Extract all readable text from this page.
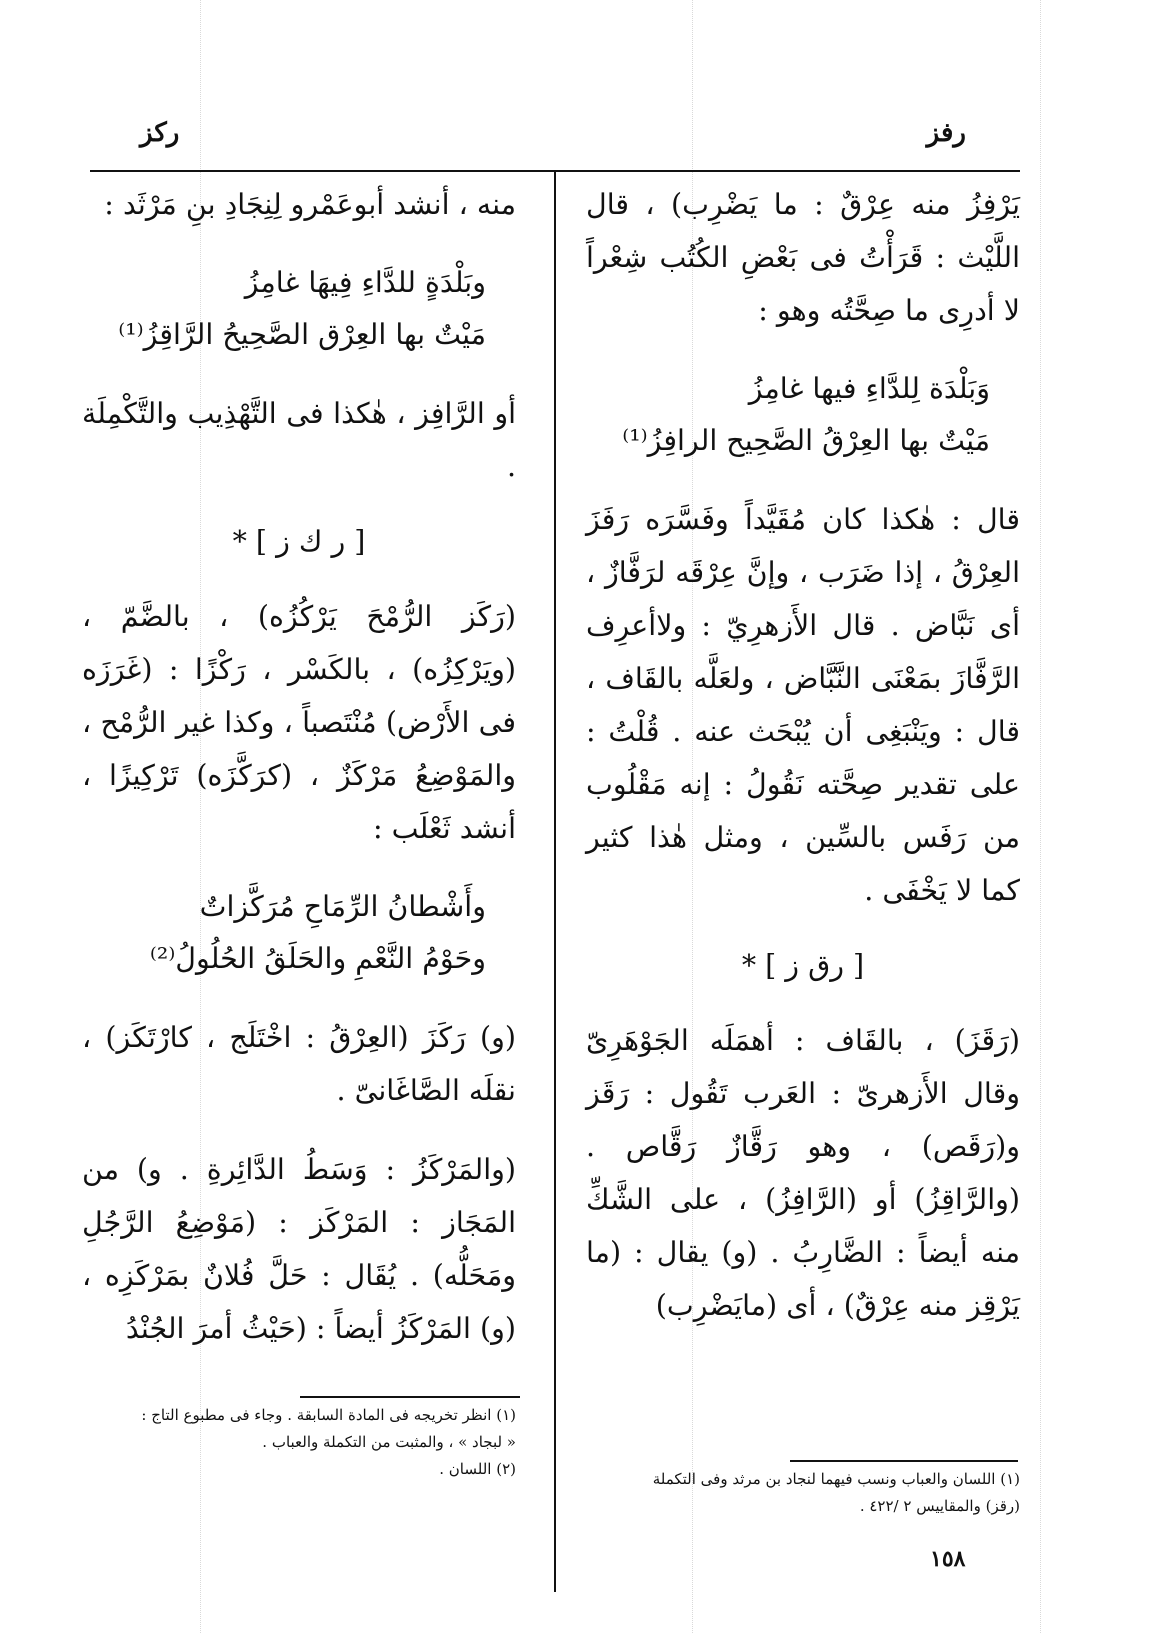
رفز
ركز

يَرْفِزُ منه عِرْقٌ : ما يَضْرِب) ، قال اللَّيْث : قَرَأْتُ فى بَعْضِ الكُتُب شِعْراً لا أدرِى ما صِحَّتُه وهو :

وَبَلْدَة لِلدَّاءِ فيها غامِزُ
مَيْتٌ بها العِرْقُ الصَّحِيح الرافِزُ⁽¹⁾

قال : هٰكذا كان مُقَيَّداً وفَسَّرَه رَفَزَ العِرْقُ ، إذا ضَرَب ، وإنَّ عِرْقَه لرَفَّازٌ ، أى نَبَّاض . قال الأَزهرِيّ : ولاأعرِف الرَّفَّازَ بمَعْنَى النَّبَّاض ، ولعَلَّه بالقَاف ، قال : ويَنْبَغِى أن يُبْحَث عنه . قُلْتُ : على تقدير صِحَّته نَقُولُ : إنه مَقْلُوب من رَفَس بالسِّين ، ومثل هٰذا كثير كما لا يَخْفَى .

[ رق ز ] *

(رَقَزَ) ، بالقَاف : أهمَلَه الجَوْهَرِىّ وقال الأَزهرىّ : العَرب تَقُول : رَقَز و(رَقَص) ، وهو رَقَّازٌ رَقَّاص . (والرَّاقِزُ) أو (الرَّافِزُ) ، على الشَّكِّ منه أيضاً : الضَّارِبُ . (و) يقال : (ما يَرْقِز منه عِرْقٌ) ، أى (مايَضْرِب)

منه ، أنشد أبوعَمْرو لِنِجَادِ بنِ مَرْثَد :

وبَلْدَةٍ للدَّاءِ فِيهَا غامِزُ
مَيْتٌ بها العِرْق الصَّحِيحُ الرَّاقِزُ⁽¹⁾

أو الرَّافِز ، هٰكذا فى التَّهْذِيب والتَّكْمِلَة .

[ ر ك ز ] *

(رَكَز الرُّمْحَ يَرْكُزُه) ، بالضَّمّ ، (ويَرْكِزُه) ، بالكَسْر ، رَكْزًا : (غَرَزَه فى الأَرْض) مُنْتَصباً ، وكذا غير الرُّمْح ، والمَوْضِعُ مَرْكَزٌ ، (كرَكَّزَه) تَرْكِيزًا ، أنشد ثَعْلَب :

وأَشْطانُ الرِّمَاحِ مُرَكَّزاتٌ
وحَوْمُ النَّعْمِ والحَلَقُ الحُلُولُ⁽²⁾

(و) رَكَزَ (العِرْقُ : اخْتَلَج ، كارْتَكَز) ، نقلَه الصَّاغَانىّ .

(والمَرْكَزُ : وَسَطُ الدَّائِرةِ . و) من المَجَاز : المَرْكَز : (مَوْضِعُ الرَّجُلِ ومَحَلُّه) . يُقَال : حَلَّ فُلانٌ بمَرْكَزِه ، (و) المَرْكَزُ أيضاً : (حَيْثُ أمرَ الجُنْدُ

(١) اللسان والعباب ونسب فيهما لنجاد بن مرثد وفى التكملة
(رقز) والمقاييس ٢ /٤٢٢ .
(١) انظر تخريجه فى المادة السابقة . وجاء فى مطبوع التاج :
« لبجاد » ، والمثبت من التكملة والعباب .
(٢) اللسان .
١٥٨
